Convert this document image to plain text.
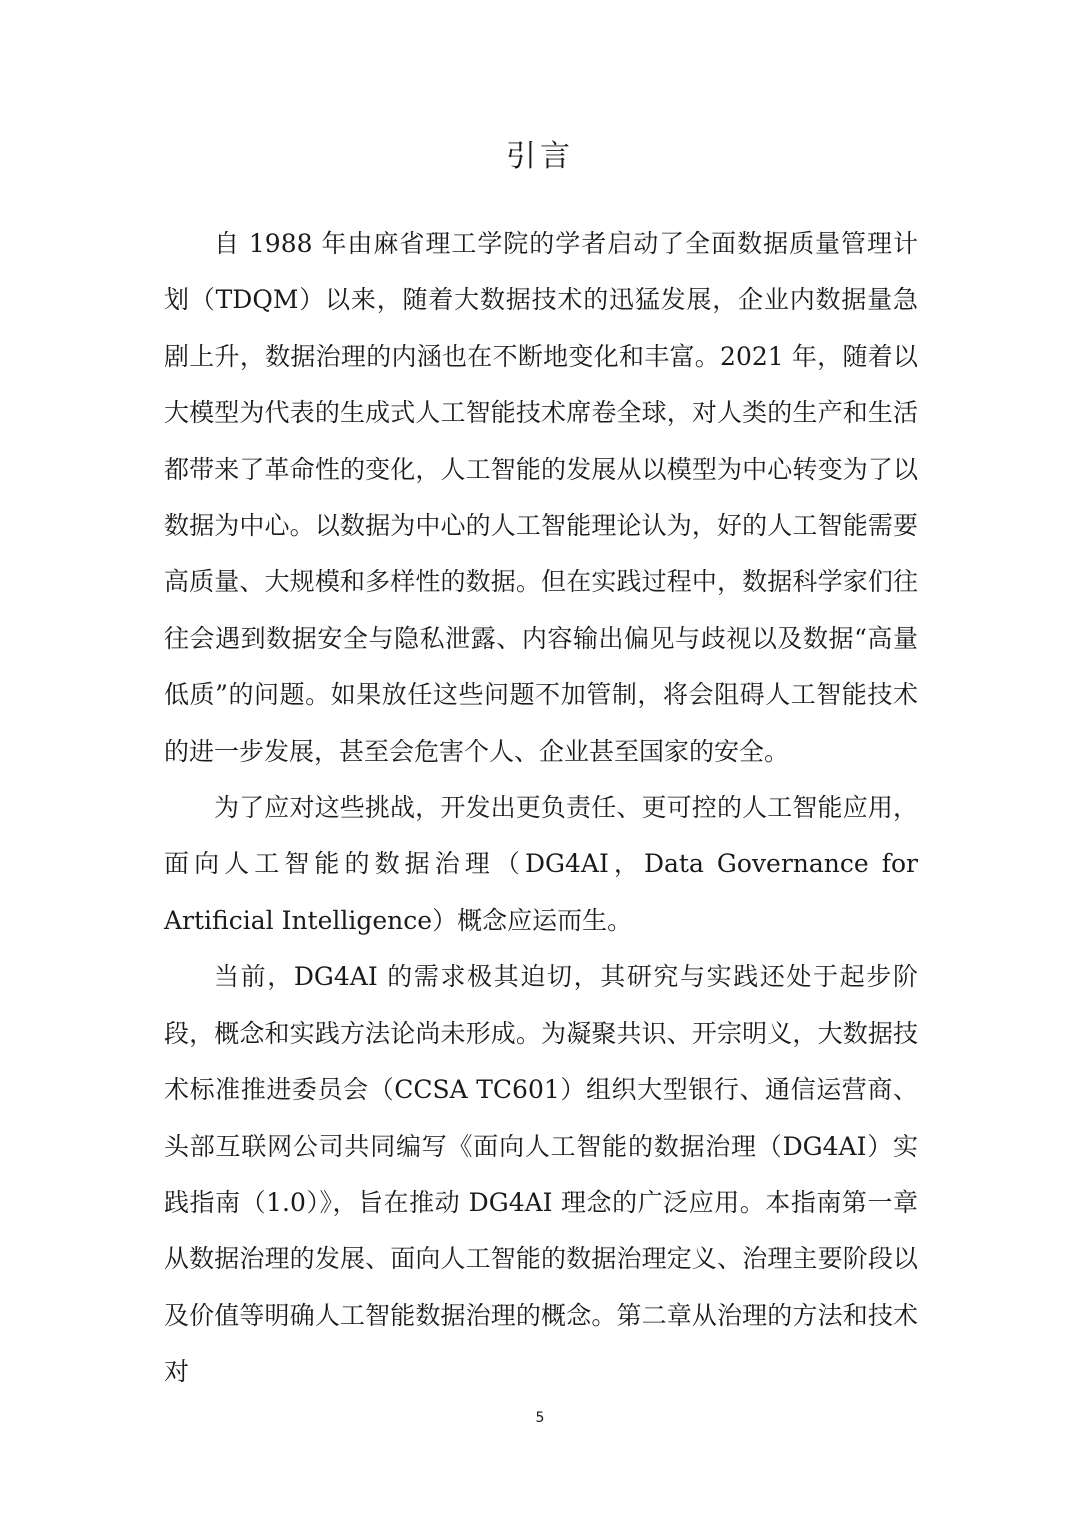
引言

自 1988 年由麻省理工学院的学者启动了全面数据质量管理计划（TDQM）以来，随着大数据技术的迅猛发展，企业内数据量急剧上升，数据治理的内涵也在不断地变化和丰富。2021 年，随着以大模型为代表的生成式人工智能技术席卷全球，对人类的生产和生活都带来了革命性的变化，人工智能的发展从以模型为中心转变为了以数据为中心。以数据为中心的人工智能理论认为，好的人工智能需要高质量、大规模和多样性的数据。但在实践过程中，数据科学家们往往会遇到数据安全与隐私泄露、内容输出偏见与歧视以及数据“高量低质”的问题。如果放任这些问题不加管制，将会阻碍人工智能技术的进一步发展，甚至会危害个人、企业甚至国家的安全。

为了应对这些挑战，开发出更负责任、更可控的人工智能应用，面向人工智能的数据治理（DG4AI，Data Governance for Artificial Intelligence）概念应运而生。

当前，DG4AI 的需求极其迫切，其研究与实践还处于起步阶段，概念和实践方法论尚未形成。为凝聚共识、开宗明义，大数据技术标准推进委员会（CCSA TC601）组织大型银行、通信运营商、头部互联网公司共同编写《面向人工智能的数据治理（DG4AI）实践指南（1.0）》，旨在推动 DG4AI 理念的广泛应用。本指南第一章从数据治理的发展、面向人工智能的数据治理定义、治理主要阶段以及价值等明确人工智能数据治理的概念。第二章从治理的方法和技术对

5
